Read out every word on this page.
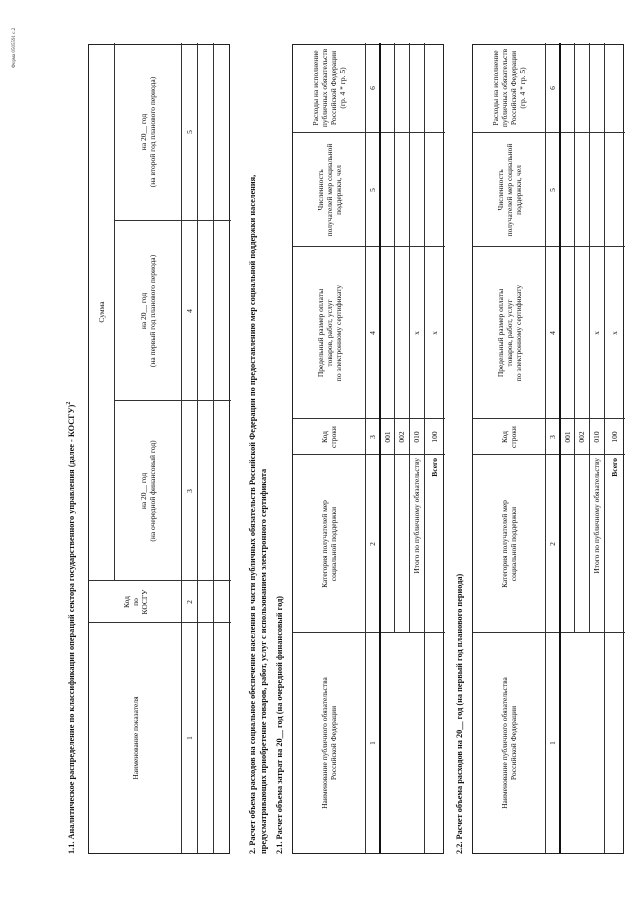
Форма 0505591 с.2
1.1. Аналитическое распределение по классификации операций сектора государственного управления (далее - КОСГУ)$^2$
Наименование показателя
Код
по
КОСГУ
Сумма
на 20__ год
(на очередной финансовый год)
на 20__ год
(на первый год планового периода)
на 20__ год
(на второй год планового периода)
1
2
3
4
5
2. Расчет объема расходов на социальное обеспечение населения в части публичных обязательств Российской Федерации по предоставлению мер социальной поддержки населения, предусматривающих приобретение товаров, работ, услуг с использованием электронного сертификата 2.1. Расчет объема затрат на 20__ год (на очередной финансовый год)	Наименование публичного обязательства
Российской Федерации
Категория получателей мер
социальной поддержки
Код
строки
Предельный размер оплаты
товаров, работ, услуг
по электронному сертификату
Численность
получателей мер социальной
поддержки, чел
Расходы на исполнение
публичных обязательств
Российской Федерации
(гр. 4 * гр. 5)
1
2
3
4
5
6
001 002
Итого по публичному обязательству
010
x
Всего
100
x
2.2. Расчет объема расходов на 20__ год (на первый год планового периода)	Наименование публичного обязательства
Российской Федерации
Категория получателей мер
социальной поддержки
Код
строки
Предельный размер оплаты
товаров, работ, услуг
по электронному сертификату
Численность
получателей мер социальной
поддержки, чел
Расходы на исполнение
публичных обязательств
Российской Федерации
(гр. 4 * гр. 5)
1
2
3
4
5
6
001 002
Итого по публичному обязательству
010
x
Всего
100
x
